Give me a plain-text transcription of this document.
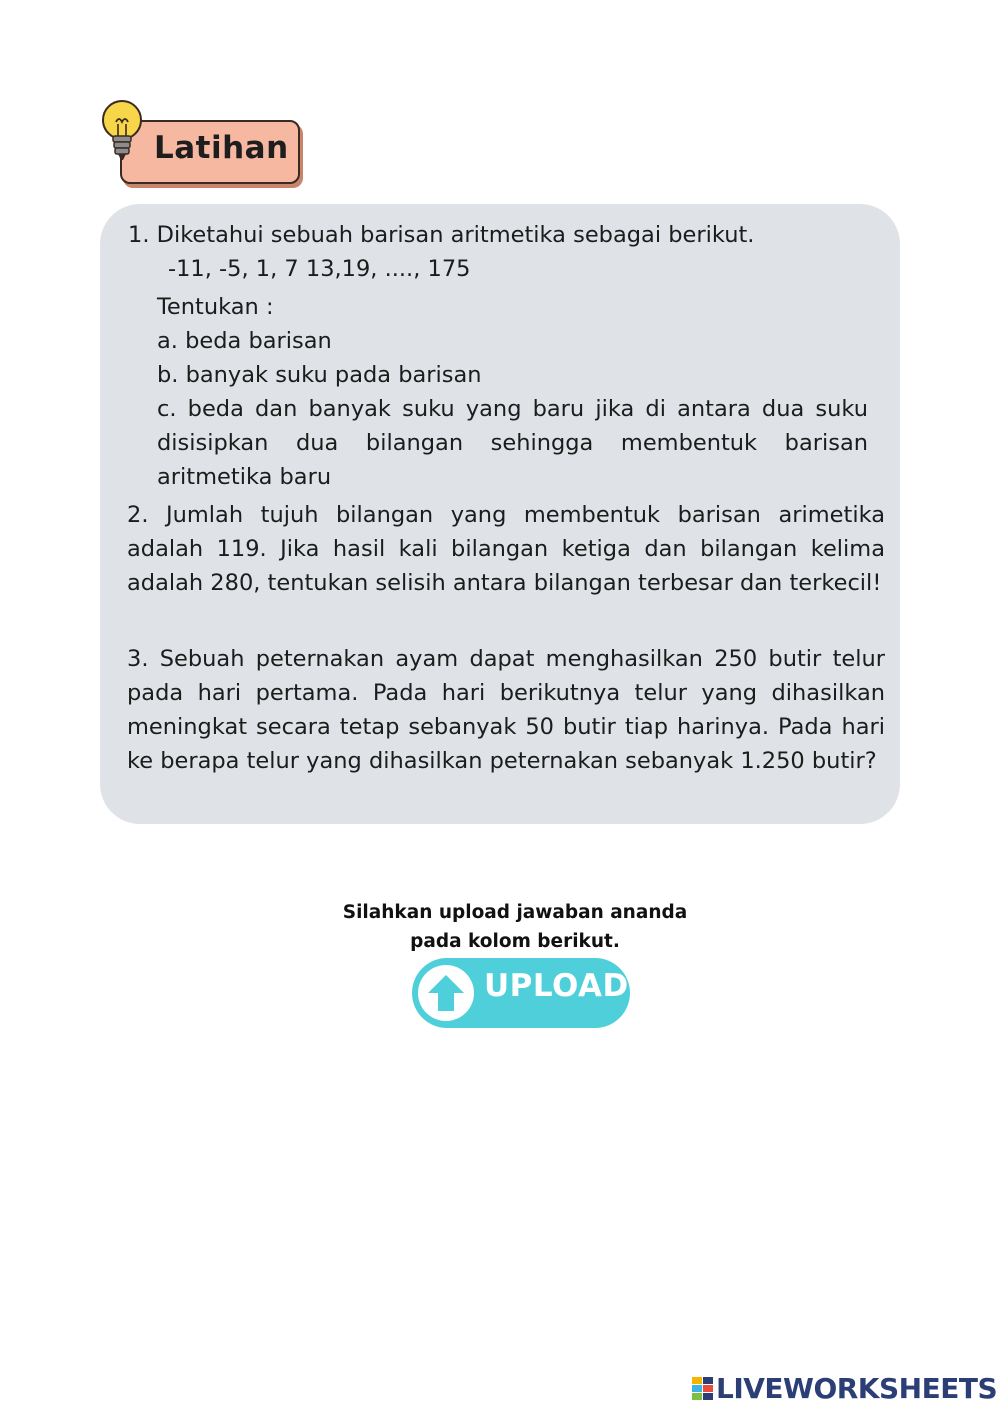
Latihan
1. Diketahui sebuah barisan aritmetika sebagai berikut.
-11, -5, 1, 7 13,19, ...., 175
Tentukan :
a. beda barisan
b. banyak suku pada barisan
c. beda dan banyak suku yang baru jika di antara dua suku disisipkan dua bilangan sehingga membentuk barisan aritmetika baru
2. Jumlah tujuh bilangan yang membentuk barisan arimetika adalah 119. Jika hasil kali bilangan ketiga dan bilangan kelima adalah 280, tentukan selisih antara bilangan terbesar dan terkecil!
3. Sebuah peternakan ayam dapat menghasilkan 250 butir telur pada hari pertama. Pada hari berikutnya telur yang dihasilkan meningkat secara tetap sebanyak 50 butir tiap harinya. Pada hari ke berapa telur yang dihasilkan peternakan sebanyak 1.250 butir?
Silahkan upload jawaban ananda
pada kolom berikut.
UPLOAD
LIVEWORKSHEETS
